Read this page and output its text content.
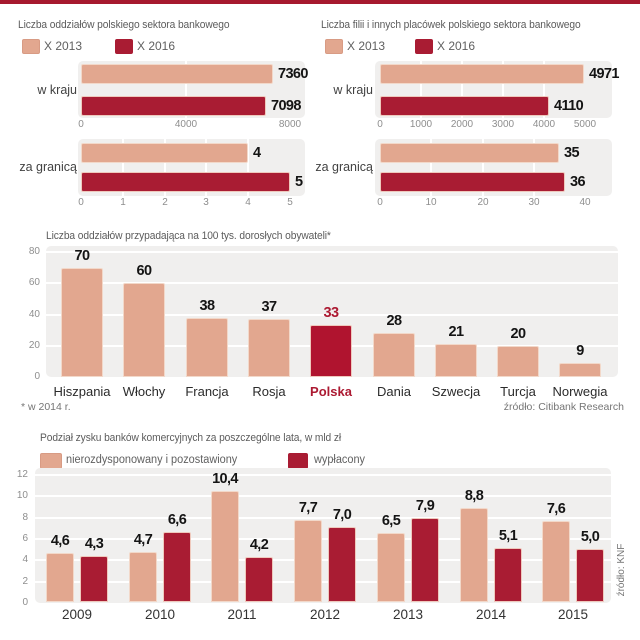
Liczba oddziałów polskiego sektora bankowego
X 2013	X 2016
7360
7098
w kraju
0	4000	8000
4
5
za granicą
0	1	2	3	4	5
Liczba filii i innych placówek polskiego sektora bankowego
X 2013	X 2016
4971
4110
w kraju
0	1000	2000	3000	4000	5000
35
36
za granicą
0	10	20	30	40
Liczba oddziałów przypadająca na 100 tys. dorosłych obywateli*
0
20
40
60
80	70
Hiszpania
60
Włochy
38
Francja
37
Rosja
33
Polska
28
Dania
21
Szwecja
20
Turcja
9
Norwegia
* w 2014 r.	źródło: Citibank Research
Podział zysku banków komercyjnych za poszczególne lata, w mld zł
nierozdysponowany i pozostawiony	wypłacony
0
2
4
6
8
10
12
4,6	4,3
2009
4,7
6,6
2010
10,4
4,2
2011
7,7	7,0
2012
6,5
7,9
2013
8,8
5,1
2014
7,6
5,0
2015
źródło: KNF
